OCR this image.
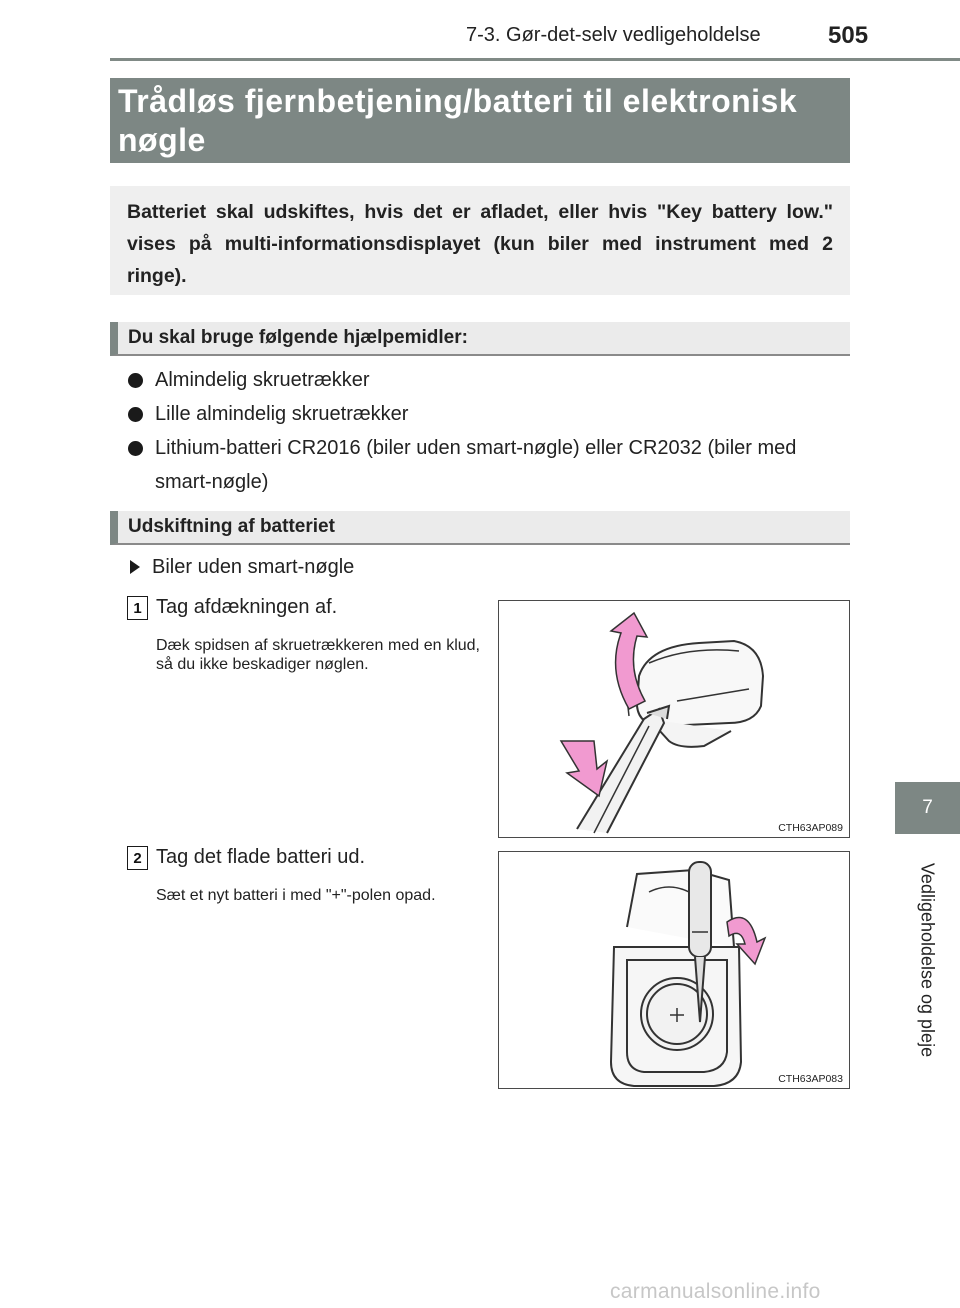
7-3. Gør-det-selv vedligeholdelse	505
7
Vedligeholdelse og pleje
Trådløs fjernbetjening/batteri til elektronisk nøgle
Batteriet skal udskiftes, hvis det er afladet, eller hvis "Key battery low." vises på multi-informationsdisplayet (kun biler med instrument med 2 ringe).
Du skal bruge følgende hjælpemidler:
Almindelig skruetrækker
Lille almindelig skruetrækker
Lithium-batteri CR2016 (biler uden smart-nøgle) eller CR2032 (biler med smart-nøgle)
Udskiftning af batteriet
Biler uden smart-nøgle
1 Tag afdækningen af.
Dæk spidsen af skruetrækkeren med en klud, så du ikke beskadiger nøglen.
CTH63AP089
2 Tag det flade batteri ud.
Sæt et nyt batteri i med "+"-polen opad.
CTH63AP083
carmanualsonline.info
